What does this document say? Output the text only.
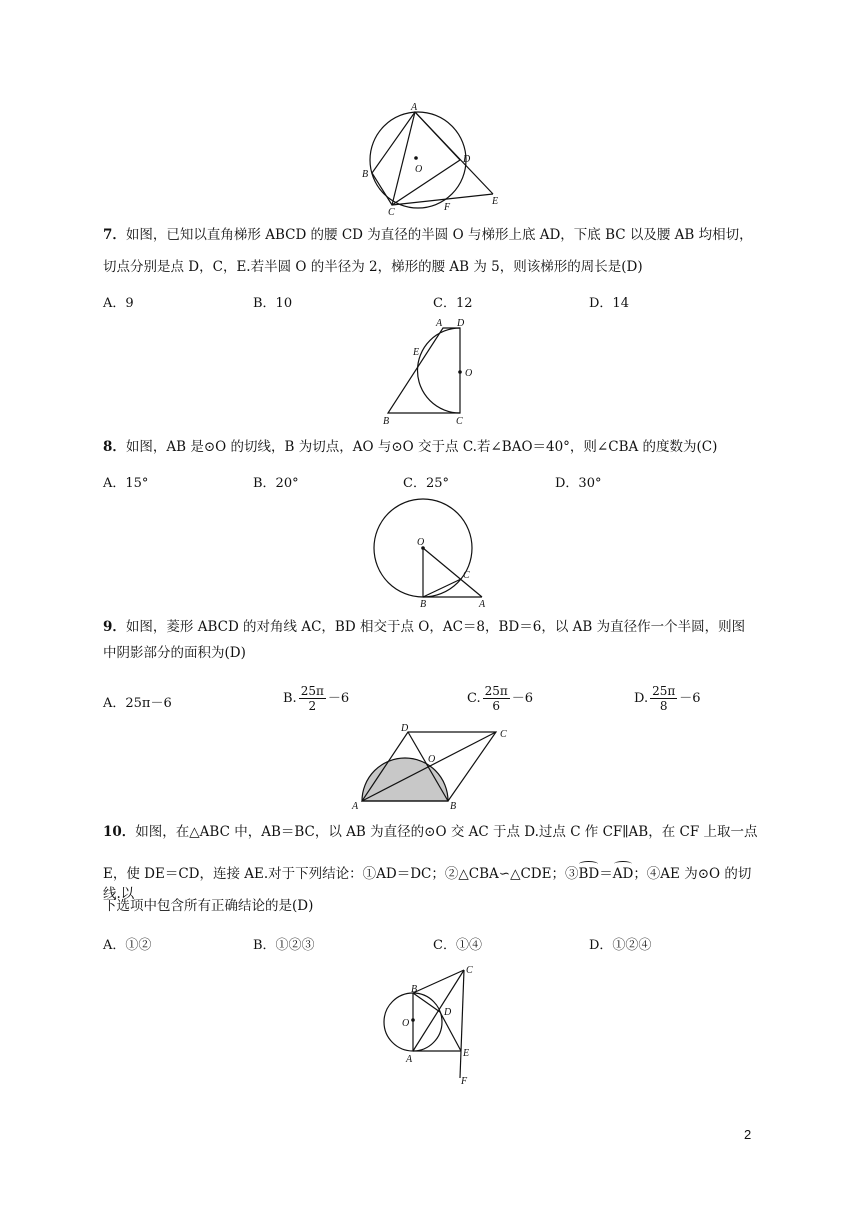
A
O
D
B
E
C	F
7．如图，已知以直角梯形 ABCD 的腰 CD 为直径的半圆 O 与梯形上底 AD，下底 BC 以及腰 AB 均相切，
切点分别是点 D，C，E.若半圆 O 的半径为 2，梯形的腰 AB 为 5，则该梯形的周长是(D)
A．9	B．10	C．12	D．14
A D
E
O
B	C
8．如图，AB 是⊙O 的切线，B 为切点，AO 与⊙O 交于点 C.若∠BAO＝40°，则∠CBA 的度数为(C)
A．15°	B．20°	C．25°	D．30°
O
C
B	A
9．如图，菱形 ABCD 的对角线 AC，BD 相交于点 O，AC＝8，BD＝6，以 AB 为直径作一个半圆，则图
中阴影部分的面积为(D)
A．25π－6	B. $\frac{25\pi}{2} -6$	C. $\frac{25\pi}{6} -6$	D. $\frac{25\pi}{8} -6$
D
C
O
A	B
10．如图，在△ABC 中，AB＝BC，以 AB 为直径的⊙O 交 AC 于点 D.过点 C 作 CF∥AB，在 CF 上取一点
E，使 DE＝CD，连接 AE.对于下列结论：①AD＝DC；②△CBA∽△CDE；③BD＝AD；④AE 为⊙O 的切线.以
下选项中包含所有正确结论的是(D)
A．①②	B．①②③	C．①④	D．①②④
B
C
O
D
E
A
F
2
